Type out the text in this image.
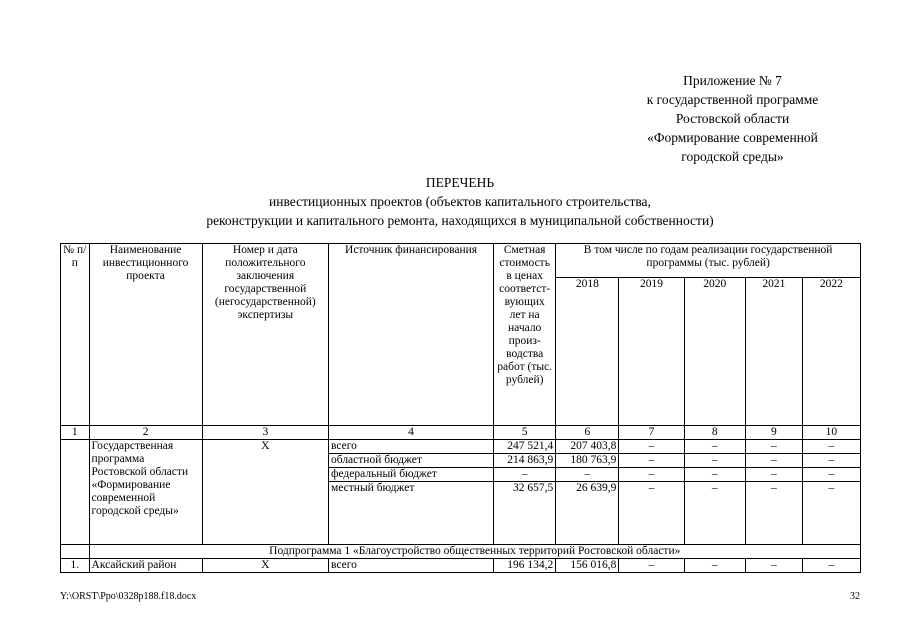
Приложение № 7
к государственной программе
Ростовской области
«Формирование современной
городской среды»
ПЕРЕЧЕНЬ
инвестиционных проектов (объектов капитального строительства,
реконструкции и капитального ремонта, находящихся в муниципальной собственности)
№ п/п	Наименование инвестиционного проекта	Номер и дата положительного заключения государственной (негосударственной) экспертизы	Источник финансирования	Сметная стоимость в ценах соответст-вующих лет на начало произ-водства работ (тыс. рублей)	В том числе по годам реализации государственной программы (тыс. рублей)				
					2018	2019	2020	2021	2022
1	2	3	4	5	6	7	8	9	10
	Государственная программа Ростовской области «Формирование современной городской среды»	Х	всего	247 521,4	207 403,8	–	–	–	–
			областной бюджет	214 863,9	180 763,9	–	–	–	–
			федеральный бюджет	–	–	–	–	–	–
			местный бюджет	32 657,5	26 639,9	–	–	–	–
	Подпрограмма 1 «Благоустройство общественных территорий Ростовской области»								
1.	Аксайский район	Х	всего	196 134,2	156 016,8	–	–	–	–
Y:\ORST\Ppo\0328p188.f18.docx	32
